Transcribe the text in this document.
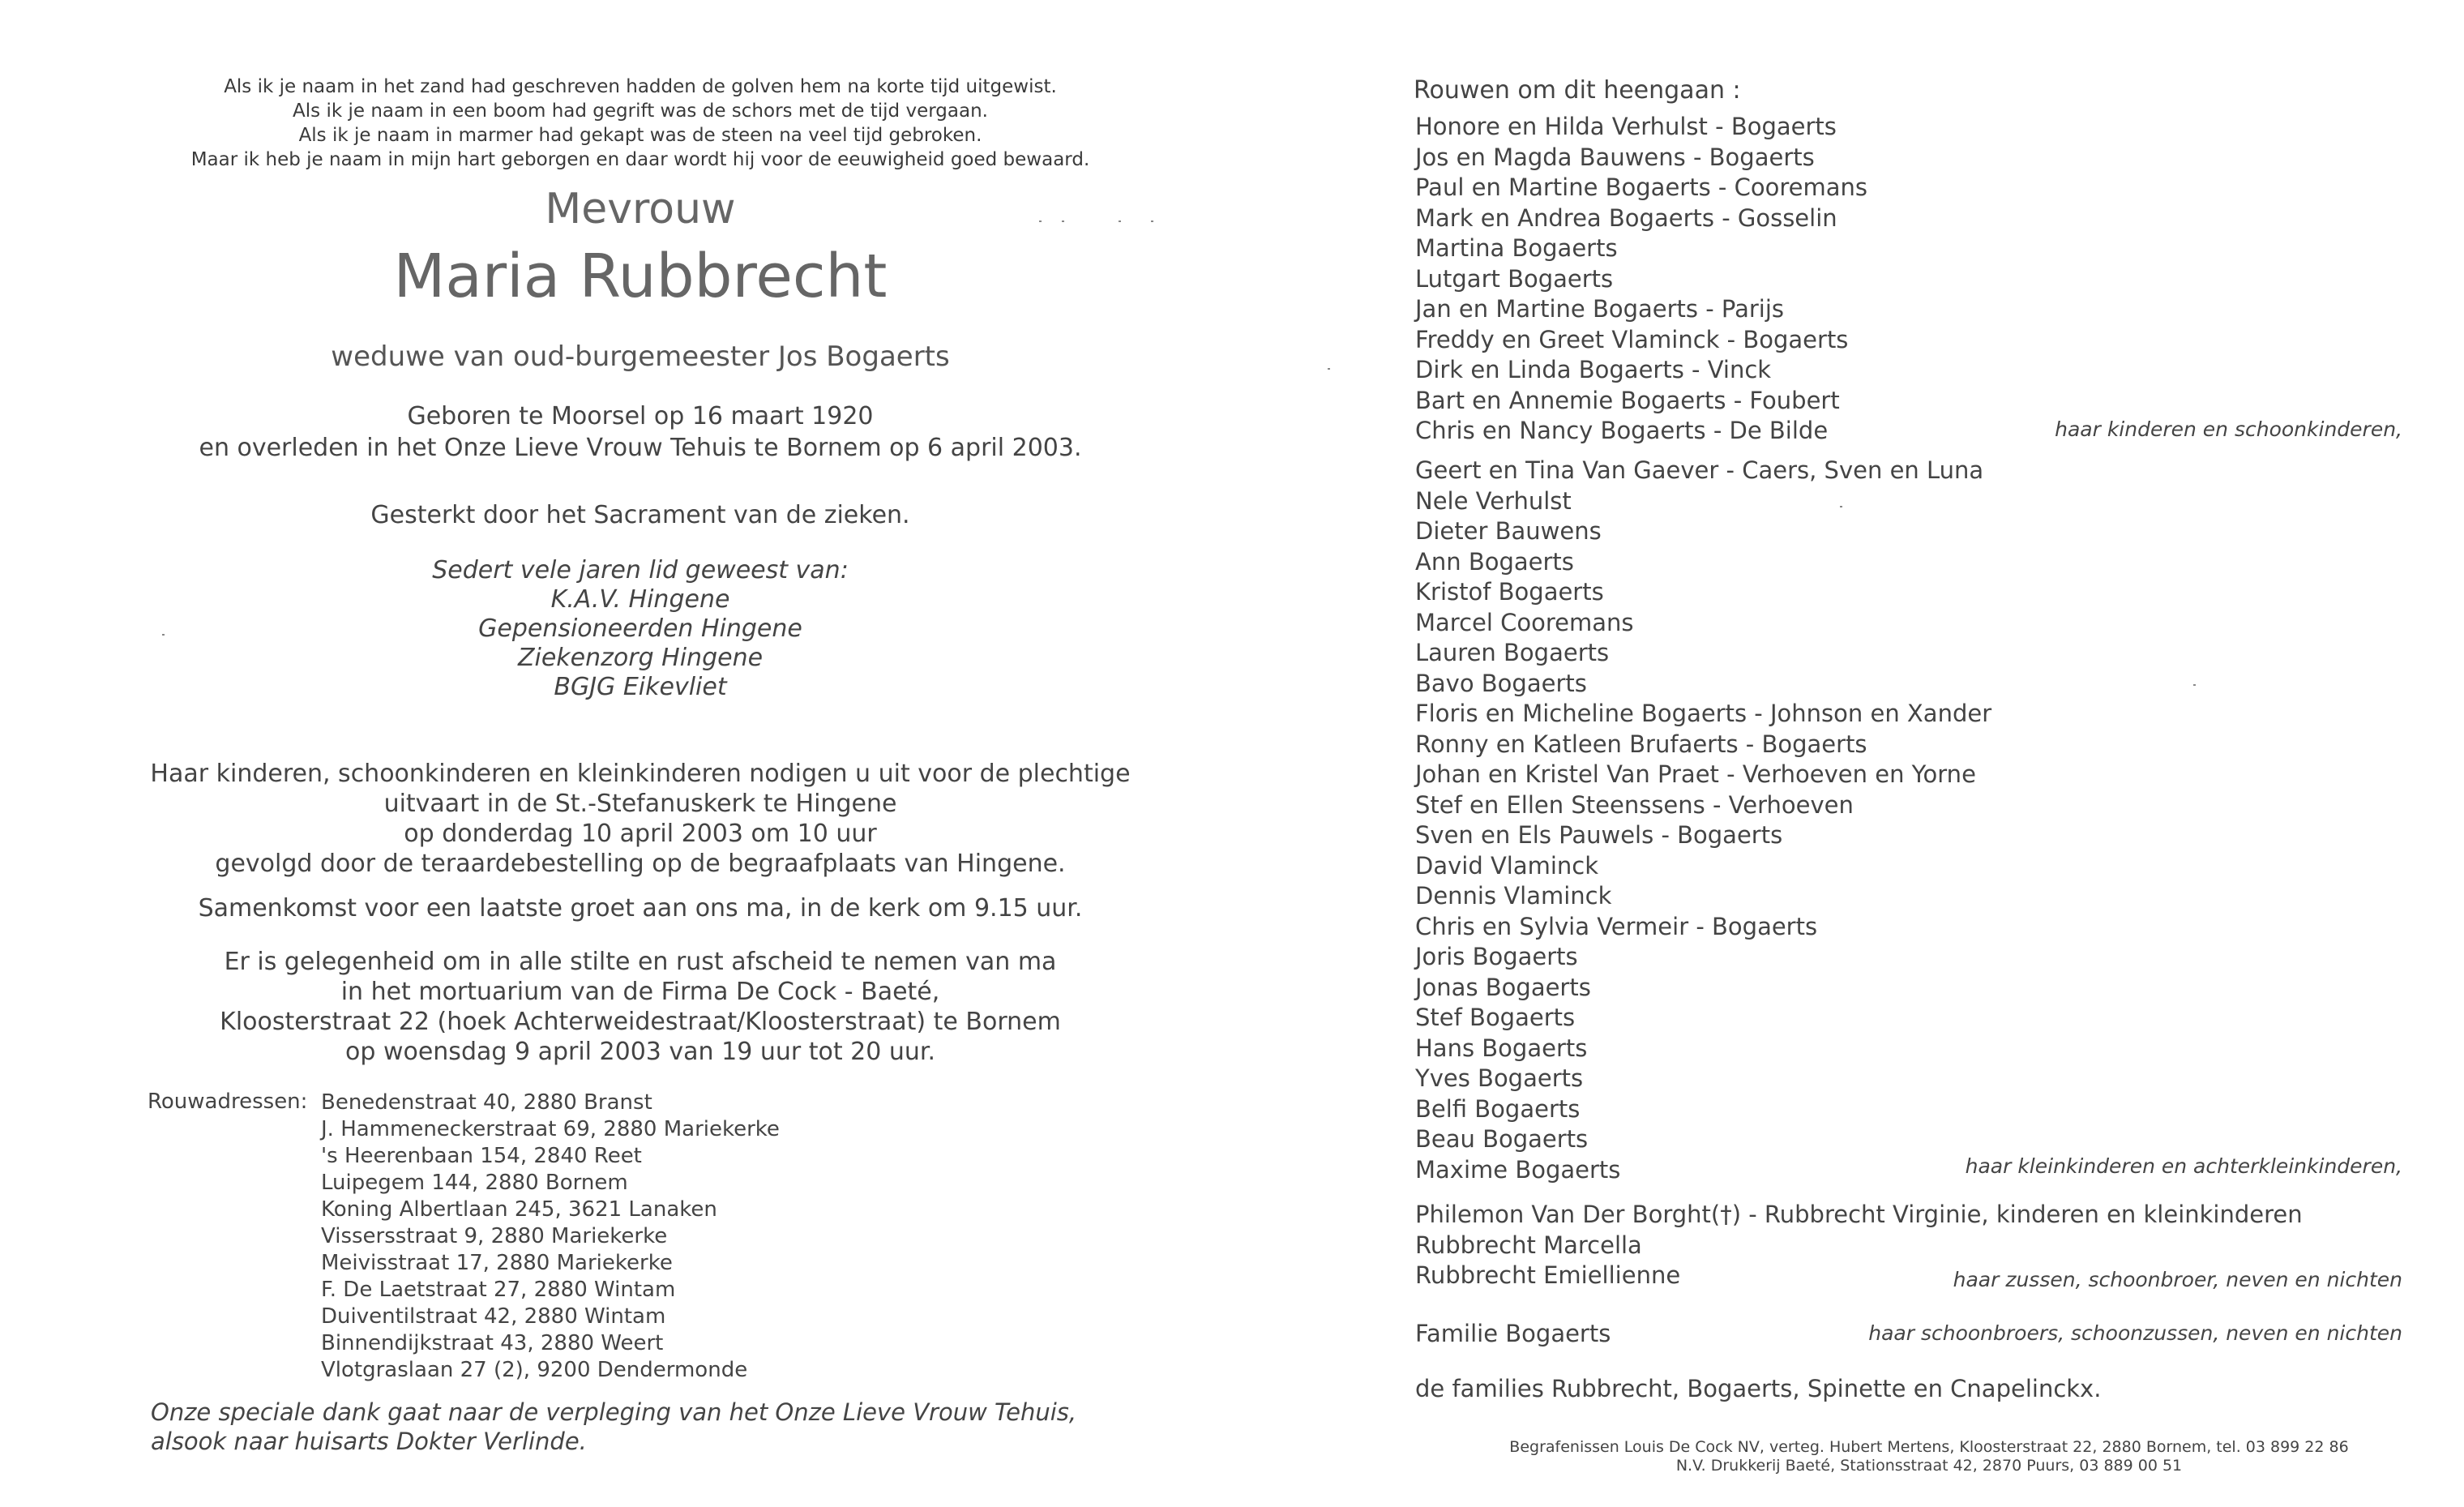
Als ik je naam in het zand had geschreven hadden de golven hem na korte tijd uitgewist.
Als ik je naam in een boom had gegrift was de schors met de tijd vergaan.
Als ik je naam in marmer had gekapt was de steen na veel tijd gebroken.
Maar ik heb je naam in mijn hart geborgen en daar wordt hij voor de eeuwigheid goed bewaard.
Mevrouw
Maria Rubbrecht
weduwe van oud-burgemeester Jos Bogaerts
Geboren te Moorsel op 16 maart 1920
en overleden in het Onze Lieve Vrouw Tehuis te Bornem op 6 april 2003.
Gesterkt door het Sacrament van de zieken.
Sedert vele jaren lid geweest van:
K.A.V. Hingene
Gepensioneerden Hingene
Ziekenzorg Hingene
BGJG Eikevliet
Haar kinderen, schoonkinderen en kleinkinderen nodigen u uit voor de plechtige
uitvaart in de St.-Stefanuskerk te Hingene
op donderdag 10 april 2003 om 10 uur
gevolgd door de teraardebestelling op de begraafplaats van Hingene.
Samenkomst voor een laatste groet aan ons ma, in de kerk om 9.15 uur.
Er is gelegenheid om in alle stilte en rust afscheid te nemen van ma
in het mortuarium van de Firma De Cock - Baeté,
Kloosterstraat 22 (hoek Achterweidestraat/Kloosterstraat) te Bornem
op woensdag 9 april 2003 van 19 uur tot 20 uur.
Rouwadressen: Benedenstraat 40, 2880 Branst
J. Hammeneckerstraat 69, 2880 Mariekerke
's Heerenbaan 154, 2840 Reet
Luipegem 144, 2880 Bornem
Koning Albertlaan 245, 3621 Lanaken
Vissersstraat 9, 2880 Mariekerke
Meivisstraat 17, 2880 Mariekerke
F. De Laetstraat 27, 2880 Wintam
Duiventilstraat 42, 2880 Wintam
Binnendijkstraat 43, 2880 Weert
Vlotgraslaan 27 (2), 9200 Dendermonde
Onze speciale dank gaat naar de verpleging van het Onze Lieve Vrouw Tehuis,
alsook naar huisarts Dokter Verlinde.
Rouwen om dit heengaan :
Honore en Hilda Verhulst - Bogaerts
Jos en Magda Bauwens - Bogaerts
Paul en Martine Bogaerts - Cooremans
Mark en Andrea Bogaerts - Gosselin
Martina Bogaerts
Lutgart Bogaerts
Jan en Martine Bogaerts - Parijs
Freddy en Greet Vlaminck - Bogaerts
Dirk en Linda Bogaerts - Vinck
Bart en Annemie Bogaerts - Foubert
Chris en Nancy Bogaerts - De Bilde	haar kinderen en schoonkinderen,
Geert en Tina Van Gaever - Caers, Sven en Luna
Nele Verhulst
Dieter Bauwens
Ann Bogaerts
Kristof Bogaerts
Marcel Cooremans
Lauren Bogaerts
Bavo Bogaerts
Floris en Micheline Bogaerts - Johnson en Xander
Ronny en Katleen Brufaerts - Bogaerts
Johan en Kristel Van Praet - Verhoeven en Yorne
Stef en Ellen Steenssens - Verhoeven
Sven en Els Pauwels - Bogaerts
David Vlaminck
Dennis Vlaminck
Chris en Sylvia Vermeir - Bogaerts
Joris Bogaerts
Jonas Bogaerts
Stef Bogaerts
Hans Bogaerts
Yves Bogaerts
Belfi Bogaerts
Beau Bogaerts
Maxime Bogaerts	haar kleinkinderen en achterkleinkinderen,
Philemon Van Der Borght(†) - Rubbrecht Virginie, kinderen en kleinkinderen
Rubbrecht Marcella
Rubbrecht Emiellienne	haar zussen, schoonbroer, neven en nichten
Familie Bogaerts	haar schoonbroers, schoonzussen, neven en nichten
de families Rubbrecht, Bogaerts, Spinette en Cnapelinckx.
Begrafenissen Louis De Cock NV, verteg. Hubert Mertens, Kloosterstraat 22, 2880 Bornem, tel. 03 899 22 86
N.V. Drukkerij Baeté, Stationsstraat 42, 2870 Puurs, 03 889 00 51
